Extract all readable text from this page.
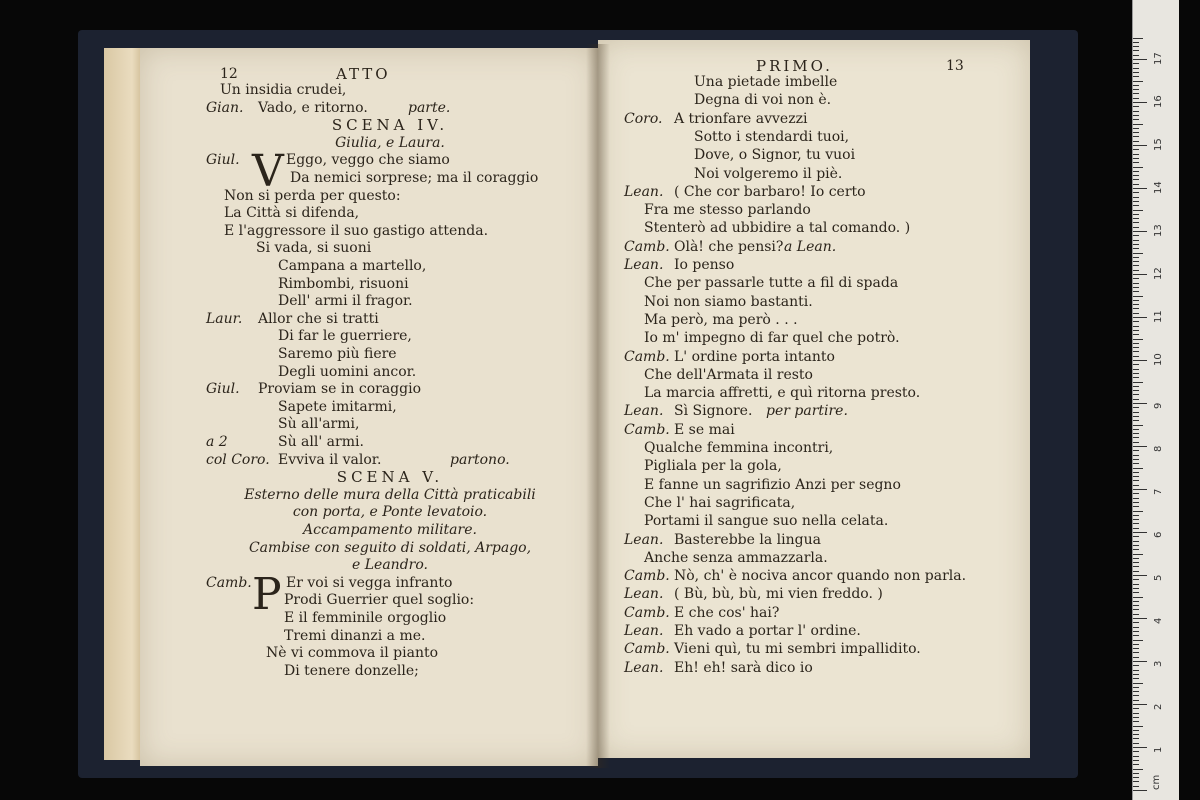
12	ATTO
Un insidia crudei,
Gian. Vado, e ritorno.	parte.
SCENA IV.
Giulia, e Laura.
Giul. V Eggo, veggo che siamo
Da nemici sorprese; ma il coraggio
Non si perda per questo:
La Città si difenda,
E l'aggressore il suo gastigo attenda.
Si vada, si suoni
Campana a martello,
Rimbombi, risuoni
Dell' armi il fragor.
Laur. Allor che si tratti
Di far le guerriere,
Saremo più fiere
Degli uomini ancor.
Giul. Proviam se in coraggio
Sapete imitarmi,
Sù all'armi,
a 2	Sù all' armi.
col Coro. Evviva il valor.	partono.
SCENA V.
Esterno delle mura della Città praticabili
con porta, e Ponte levatoio.
Accampamento militare.
Cambise con seguito di soldati, Arpago,
e Leandro.
Camb. P Er voi si vegga infranto
Prodi Guerrier quel soglio:
E il femminile orgoglio
Tremi dinanzi a me.
Nè vi commova il pianto
Di tenere donzelle;
13
PRIMO.
Una pietade imbelle
Degna di voi non è.
Coro. A trionfare avvezzi
Sotto i stendardi tuoi,
Dove, o Signor, tu vuoi
Noi volgeremo il piè.
Lean. ( Che cor barbaro! Io certo
Fra me stesso parlando
Stenterò ad ubbidire a tal comando. )
Camb. Olà! che pensi? a Lean.
Lean. Io penso
Che per passarle tutte a fil di spada
Noi non siamo bastanti.
Ma però, ma però . . .
Io m' impegno di far quel che potrò.
Camb. L' ordine porta intanto
Che dell'Armata il resto
La marcia affretti, e quì ritorna presto.
Lean. Sì Signore. per partire.
Camb. E se mai
Qualche femmina incontri,
Pigliala per la gola,
E fanne un sagrifizio Anzi per segno
Che l' hai sagrificata,
Portami il sangue suo nella celata.
Lean. Basterebbe la lingua
Anche senza ammazzarla.
Camb. Nò, ch' è nociva ancor quando non parla.
Lean. ( Bù, bù, bù, mi vien freddo. )
Camb. E che cos' hai?
Lean. Eh vado a portar l' ordine.
Camb. Vieni quì, tu mi sembri impallidito.
Lean. Eh! eh! sarà dico io
1
2
3
4
5
6
7
8
9
10
11
12
13
14
15
16
17
cm
